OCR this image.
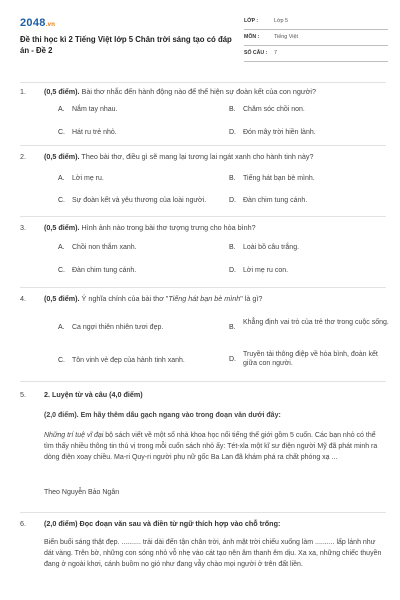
2048.vn
Đề thi học kì 2 Tiếng Việt lớp 5 Chân trời sáng tạo có đáp án - Đề 2
LỚP :	Lớp 5
MÔN :	Tiếng Việt
SỐ CÂU :	7
1.	(0,5 điểm). Bài thơ nhắc đến hành động nào để thể hiện sự đoàn kết của con người?
A.	Nắm tay nhau.	B.	Chăm sóc chồi non.
C.	Hát ru trẻ nhỏ.	D.	Đón mây trời hiền lành.
2.	(0,5 điểm). Theo bài thơ, điều gì sẽ mang lại tương lai ngát xanh cho hành tinh này?
A.	Lời mẹ ru.	B.	Tiếng hát bạn bè mình.
C.	Sự đoàn kết và yêu thương của loài người.	D.	Đàn chim tung cánh.
3.	(0,5 điểm). Hình ảnh nào trong bài thơ tượng trưng cho hòa bình?
A.	Chồi non thắm xanh.	B.	Loài bồ câu trắng.
C.	Đàn chim tung cánh.	D.	Lời mẹ ru con.
4.	(0,5 điểm). Ý nghĩa chính của bài thơ "Tiếng hát bạn bè mình" là gì?
A.	Ca ngợi thiên nhiên tươi đẹp.	B.
Khẳng định vai trò của trẻ thơ trong cuộc sống.
C.	Tôn vinh vẻ đẹp của hành tinh xanh.	D.
Truyền tải thông điệp về hòa bình, đoàn kết giữa con người.
5.	2. Luyện từ và câu (4,0 điểm)
(2,0 điểm). Em hãy thêm dấu gạch ngang vào trong đoạn văn dưới đây:
Những trí tuệ vĩ đại bộ sách viết về một số nhà khoa học nổi tiếng thế giới gồm 5 cuốn. Các bạn nhỏ có thể tìm thấy nhiều thông tin thú vị trong mỗi cuốn sách nhỏ ấy: Tét-xla một kĩ sư điện người Mỹ đã phát minh ra dòng điện xoay chiều. Ma-ri Quy-ri người phụ nữ gốc Ba Lan đã khám phá ra chất phóng xạ ...
Theo Nguyễn Bảo Ngân
6.	(2,0 điểm) Đọc đoạn văn sau và điền từ ngữ thích hợp vào chỗ trống:
Biển buổi sáng thật đẹp. .......... trải dài đến tận chân trời, ánh mặt trời chiếu xuống làm .......... lấp lánh như dát vàng. Trên bờ, những con sóng nhỏ vỗ nhẹ vào cát tạo nên âm thanh êm dịu. Xa xa, những chiếc thuyền đang ở ngoài khơi, cánh buồm no gió như đang vẫy chào mọi người ở trên đất liền.
